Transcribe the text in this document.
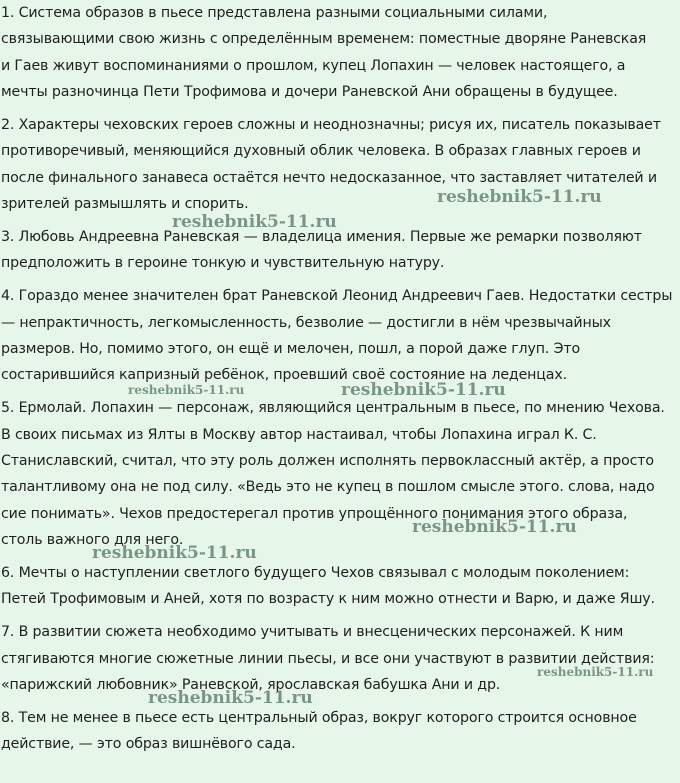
1. Система образов в пьесе представлена разными социальными силами,
связывающими свою жизнь с определённым временем: поместные дворяне Раневская
и Гаев живут воспоминаниями о прошлом, купец Лопахин — человек настоящего, а
мечты разночинца Пети Трофимова и дочери Раневской Ани обращены в будущее.

2. Характеры чеховских героев сложны и неоднозначны; рисуя их, писатель показывает
противоречивый, меняющийся духовный облик человека. В образах главных героев и
после финального занавеса остаётся нечто недосказанное, что заставляет читателей и
зрителей размышлять и спорить.

3. Любовь Андреевна Раневская — владелица имения. Первые же ремарки позволяют
предположить в героине тонкую и чувствительную натуру.

4. Гораздо менее значителен брат Раневской Леонид Андреевич Гаев. Недостатки сестры
— непрактичность, легкомысленность, безволие — достигли в нём чрезвычайных
размеров. Но, помимо этого, он ещё и мелочен, пошл, а порой даже глуп. Это
состарившийся капризный ребёнок, проевший своё состояние на леденцах.

5. Ермолай. Лопахин — персонаж, являющийся центральным в пьесе, по мнению Чехова.
В своих письмах из Ялты в Москву автор настаивал, чтобы Лопахина играл К. С.
Станиславский, считал, что эту роль должен исполнять первоклассный актёр, а просто
талантливому она не под силу. «Ведь это не купец в пошлом смысле этого. слова, надо
сие понимать». Чехов предостерегал против упрощённого понимания этого образа,
столь важного для него.

6. Мечты о наступлении светлого будущего Чехов связывал с молодым поколением:
Петей Трофимовым и Аней, хотя по возрасту к ним можно отнести и Варю, и даже Яшу.

7. В развитии сюжета необходимо учитывать и внесценических персонажей. К ним
стягиваются многие сюжетные линии пьесы, и все они участвуют в развитии действия:
«парижский любовник» Раневской, ярославская бабушка Ани и др.

8. Тем не менее в пьесе есть центральный образ, вокруг которого строится основное
действие, — это образ вишнёвого сада.

reshebnik5-11.ru
reshebnik5-11.ru
reshebnik5-11.ru	reshebnik5-11.ru
reshebnik5-11.ru
reshebnik5-11.ru
reshebnik5-11.ru
reshebnik5-11.ru
